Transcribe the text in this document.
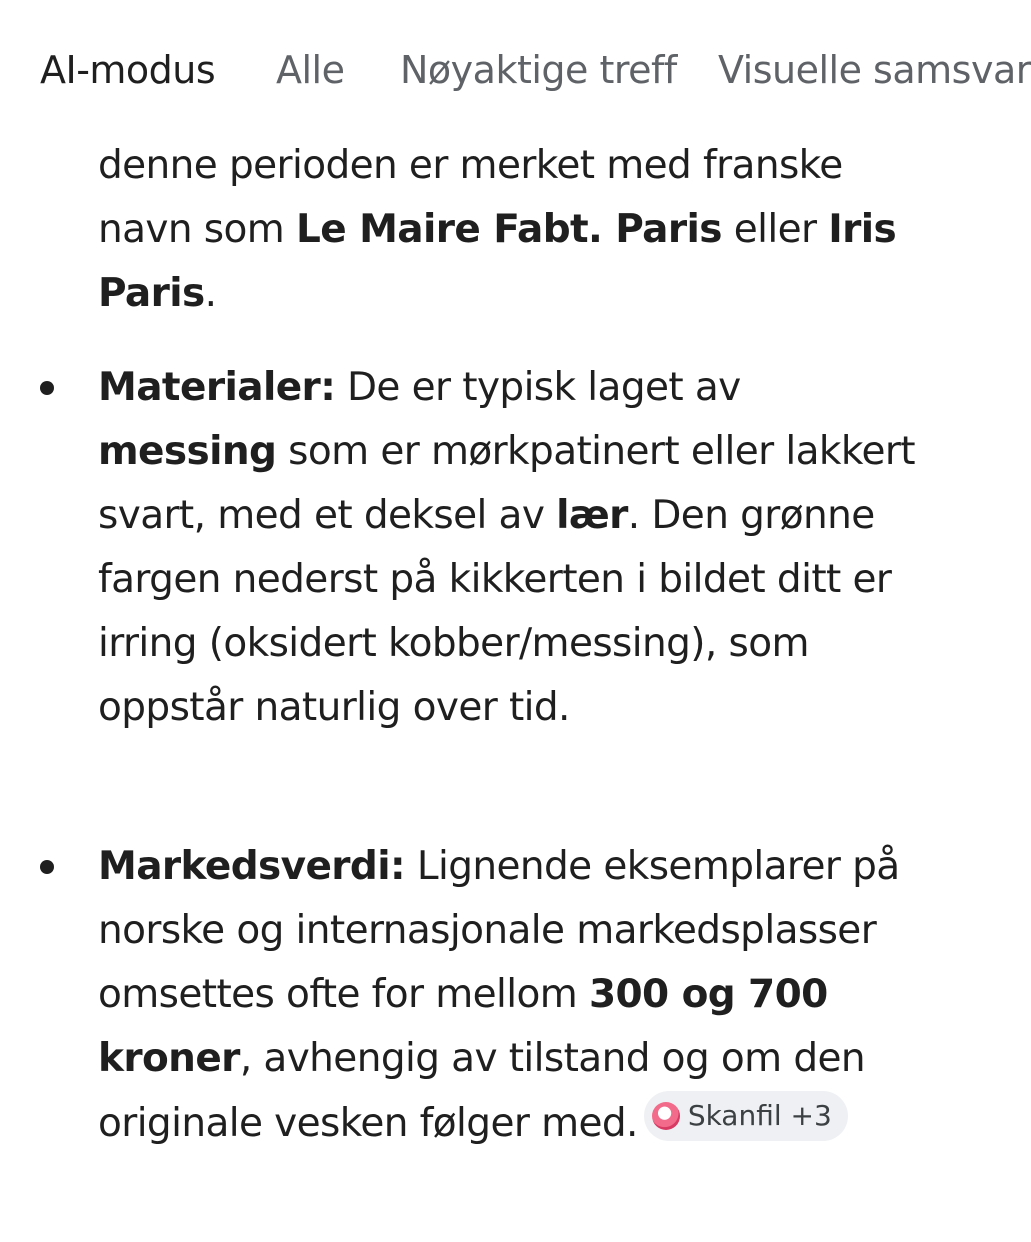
AI-modus Alle Nøyaktige treff Visuelle samsvar
denne perioden er merket med franske navn som Le Maire Fabt. Paris eller Iris Paris.
Materialer: De er typisk laget av messing som er mørkpatinert eller lakkert svart, med et deksel av lær. Den grønne fargen nederst på kikkerten i bildet ditt er irring (oksidert kobber/messing), som oppstår naturlig over tid.
Markedsverdi: Lignende eksemplarer på norske og internasjonale markedsplasser omsettes ofte for mellom 300 og 700 kroner, avhengig av tilstand og om den originale vesken følger med. Skanfil +3
